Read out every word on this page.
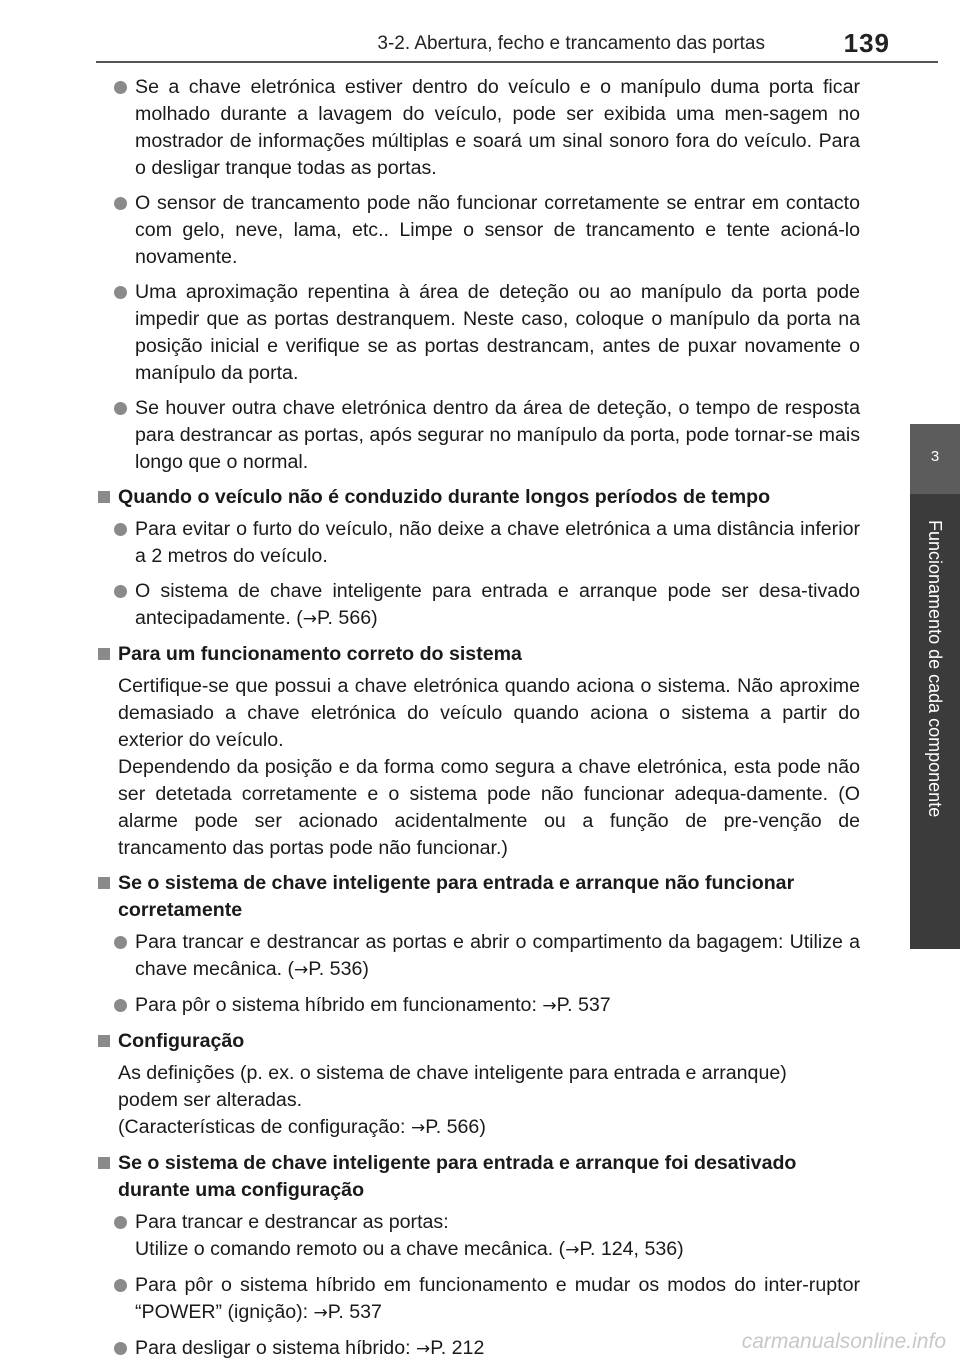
3-2. Abertura, fecho e trancamento das portas	139
3
Funcionamento de cada componente
Se a chave eletrónica estiver dentro do veículo e o manípulo duma porta ficar molhado durante a lavagem do veículo, pode ser exibida uma men-sagem no mostrador de informações múltiplas e soará um sinal sonoro fora do veículo. Para o desligar tranque todas as portas.
O sensor de trancamento pode não funcionar corretamente se entrar em contacto com gelo, neve, lama, etc.. Limpe o sensor de trancamento e tente acioná-lo novamente.
Uma aproximação repentina à área de deteção ou ao manípulo da porta pode impedir que as portas destranquem. Neste caso, coloque o manípulo da porta na posição inicial e verifique se as portas destrancam, antes de puxar novamente o manípulo da porta.
Se houver outra chave eletrónica dentro da área de deteção, o tempo de resposta para destrancar as portas, após segurar no manípulo da porta, pode tornar-se mais longo que o normal.
Quando o veículo não é conduzido durante longos períodos de tempo
Para evitar o furto do veículo, não deixe a chave eletrónica a uma distância inferior a 2 metros do veículo.
O sistema de chave inteligente para entrada e arranque pode ser desa-tivado antecipadamente. (→P. 566)
Para um funcionamento correto do sistema
Certifique-se que possui a chave eletrónica quando aciona o sistema. Não aproxime demasiado a chave eletrónica do veículo quando aciona o sistema a partir do exterior do veículo.
Dependendo da posição e da forma como segura a chave eletrónica, esta pode não ser detetada corretamente e o sistema pode não funcionar adequa-damente. (O alarme pode ser acionado acidentalmente ou a função de pre-venção de trancamento das portas pode não funcionar.)
Se o sistema de chave inteligente para entrada e arranque não funcionar corretamente
Para trancar e destrancar as portas e abrir o compartimento da bagagem: Utilize a chave mecânica. (→P. 536)
Para pôr o sistema híbrido em funcionamento: →P. 537
Configuração
As definições (p. ex. o sistema de chave inteligente para entrada e arranque)
podem ser alteradas.
(Características de configuração: →P. 566)
Se o sistema de chave inteligente para entrada e arranque foi desativado durante uma configuração
Para trancar e destrancar as portas:
Utilize o comando remoto ou a chave mecânica. (→P. 124, 536)
Para pôr o sistema híbrido em funcionamento e mudar os modos do inter-ruptor “POWER” (ignição): →P. 537
Para desligar o sistema híbrido: →P. 212	carmanualsonline.info
